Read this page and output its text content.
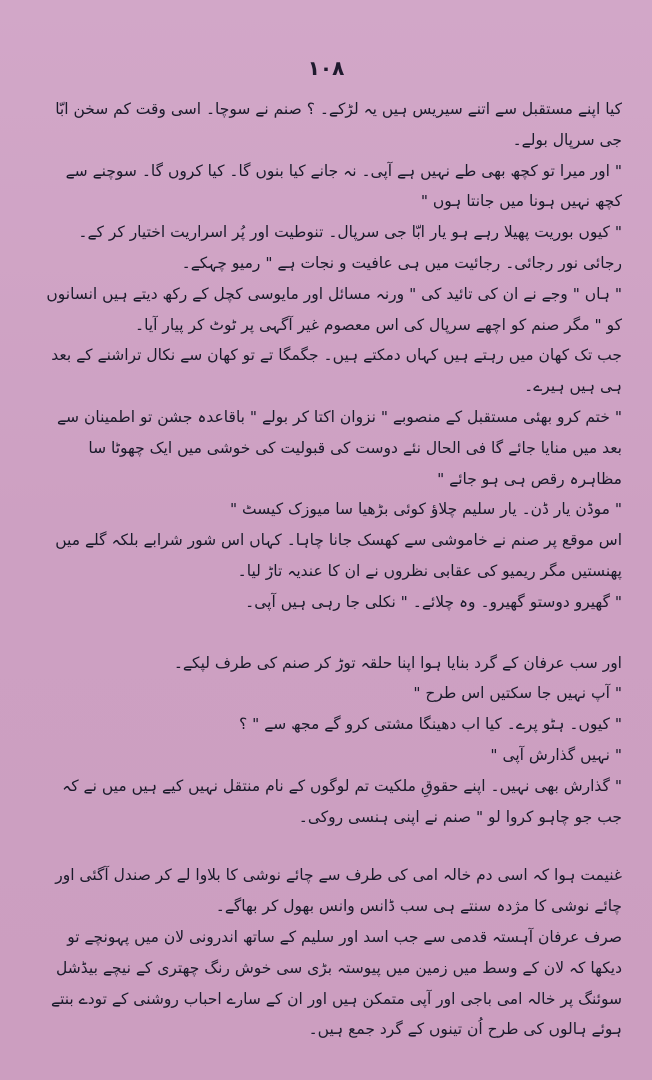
۱۰۸

کیا اپنے مستقبل سے اتنے سیریس ہیں یہ لڑکے۔ ؟ صنم نے سوچا۔ اسی وقت کم سخن ابّا جی سرپال بولے۔

" اور میرا تو کچھ بھی طے نہیں ہے آپی۔ نہ جانے کیا بنوں گا۔ کیا کروں گا۔ سوچنے سے کچھ نہیں ہونا میں جانتا ہوں "

" کیوں بوریت پھیلا رہے ہو یار ابّا جی سرپال۔ تنوطیت اور پُر اسراریت اختیار کر کے۔ رجائی نور رجائی۔ رجائیت میں ہی عافیت و نجات ہے " رمیو چہکے۔

" ہاں " وجے نے ان کی تائید کی " ورنہ مسائل اور مایوسی کچل کے رکھ دیتے ہیں انسانوں کو " مگر صنم کو اچھے سرپال کی اس معصوم غیر آگہی پر ٹوٹ کر پیار آیا۔

جب تک کھان میں رہتے ہیں کہاں دمکتے ہیں۔ جگمگا تے تو کھان سے نکال تراشنے کے بعد ہی ہیں ہیرے۔

" ختم کرو بھئی مستقبل کے منصوبے " نزوان اکتا کر بولے " باقاعدہ جشن تو اطمینان سے بعد میں منایا جائے گا فی الحال نئے دوست کی قبولیت کی خوشی میں ایک چھوٹا سا مظاہرہ رقص ہی ہو جائے "

" موڈن یار ڈن۔ یار سلیم چلاؤ کوئی بڑھیا سا میوزک کیسٹ "

اس موقع پر صنم نے خاموشی سے کھسک جانا چاہا۔ کہاں اس شور شرابے بلکہ گلے میں پھنستیں مگر ریمیو کی عقابی نظروں نے ان کا عندیہ تاڑ لیا۔

" گھیرو دوستو گھیرو۔ وہ چلائے۔ " نکلی جا رہی ہیں آپی۔

اور سب عرفان کے گرد بنایا ہوا اپنا حلقہ توڑ کر صنم کی طرف لپکے۔

" آپ نہیں جا سکتیں اس طرح "

" کیوں۔ ہٹو پرے۔ کیا اب دھینگا مشتی کرو گے مجھ سے " ؟

" نہیں گذارش آپی "

" گذارش بھی نہیں۔ اپنے حقوقِ ملکیت تم لوگوں کے نام منتقل نہیں کیے ہیں میں نے کہ جب جو چاہو کروا لو " صنم نے اپنی ہنسی روکی۔

غنیمت ہوا کہ اسی دم خالہ امی کی طرف سے چائے نوشی کا بلاوا لے کر صندل آگئی اور چائے نوشی کا مژدہ سنتے ہی سب ڈانس وانس بھول کر بھاگے۔

صرف عرفان آہستہ قدمی سے جب اسد اور سلیم کے ساتھ اندرونی لان میں پہونچے تو دیکھا کہ لان کے وسط میں زمین میں پیوستہ بڑی سی خوش رنگ چھتری کے نیچے بیڈشل سوئنگ پر خالہ امی باجی اور آپی متمکن ہیں اور ان کے سارے احباب روشنی کے تودے بنتے ہوئے ہالوں کی طرح اُن تینوں کے گرد جمع ہیں۔
